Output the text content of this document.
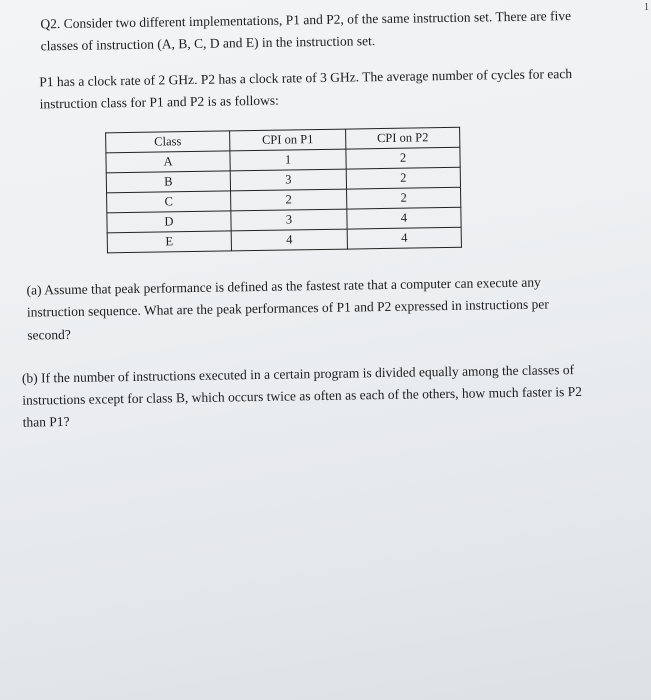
Q2. Consider two different implementations, P1 and P2, of the same instruction set. There are five
classes of instruction (A, B, C, D and E) in the instruction set.
P1 has a clock rate of 2 GHz. P2 has a clock rate of 3 GHz. The average number of cycles for each
instruction class for P1 and P2 is as follows:
Class	CPI on P1	CPI on P2
A	1	2
B	3	2
C	2	2
D	3	4
E	4	4
(a) Assume that peak performance is defined as the fastest rate that a computer can execute any
instruction sequence. What are the peak performances of P1 and P2 expressed in instructions per
second?
(b) If the number of instructions executed in a certain program is divided equally among the classes of
instructions except for class B, which occurs twice as often as each of the others, how much faster is P2
than P1?
1
